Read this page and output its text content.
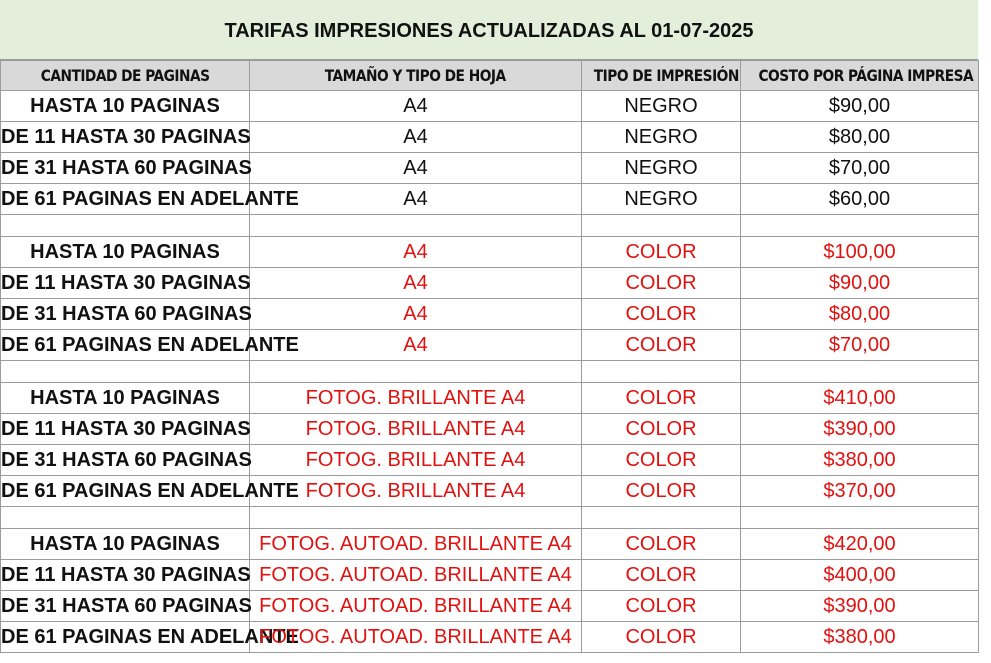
TARIFAS IMPRESIONES ACTUALIZADAS AL 01-07-2025
CANTIDAD DE PAGINAS	TAMAÑO Y TIPO DE HOJA	TIPO DE IMPRESIÓN	COSTO POR PÁGINA IMPRESA
HASTA 10 PAGINAS	A4	NEGRO	$90,00
DE 11 HASTA 30 PAGINAS	A4	NEGRO	$80,00
DE 31 HASTA 60 PAGINAS	A4	NEGRO	$70,00
DE 61 PAGINAS EN ADELANTE	A4	NEGRO	$60,00

HASTA 10 PAGINAS	A4	COLOR	$100,00
DE 11 HASTA 30 PAGINAS	A4	COLOR	$90,00
DE 31 HASTA 60 PAGINAS	A4	COLOR	$80,00
DE 61 PAGINAS EN ADELANTE	A4	COLOR	$70,00

HASTA 10 PAGINAS	FOTOG. BRILLANTE A4	COLOR	$410,00
DE 11 HASTA 30 PAGINAS	FOTOG. BRILLANTE A4	COLOR	$390,00
DE 31 HASTA 60 PAGINAS	FOTOG. BRILLANTE A4	COLOR	$380,00
DE 61 PAGINAS EN ADELANTE	FOTOG. BRILLANTE A4	COLOR	$370,00

HASTA 10 PAGINAS	FOTOG. AUTOAD. BRILLANTE A4	COLOR	$420,00
DE 11 HASTA 30 PAGINAS	FOTOG. AUTOAD. BRILLANTE A4	COLOR	$400,00
DE 31 HASTA 60 PAGINAS	FOTOG. AUTOAD. BRILLANTE A4	COLOR	$390,00
DE 61 PAGINAS EN ADELANTE	FOTOG. AUTOAD. BRILLANTE A4	COLOR	$380,00
